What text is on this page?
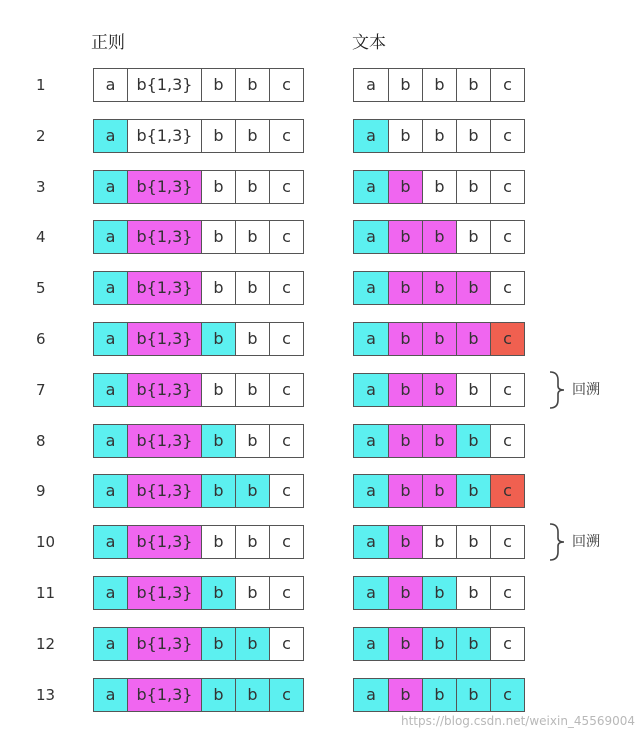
正则	文本
1	a	b{1,3}	b	b	c	a	b	b	b	c
2	a	b{1,3}	b	b	c	a	b	b	b	c
3	a	b{1,3}	b	b	c	a	b	b	b	c
4	a	b{1,3}	b	b	c	a	b	b	b	c
5	a	b{1,3}	b	b	c	a	b	b	b	c
6	a	b{1,3}	b	b	c	a	b	b	b	c
7	a	b{1,3}	b	b	c	a	b	b	b	c	回溯
8	a	b{1,3}	b	b	c	a	b	b	b	c
9	a	b{1,3}	b	b	c	a	b	b	b	c
10	a	b{1,3}	b	b	c	a	b	b	b	c	回溯
11	a	b{1,3}	b	b	c	a	b	b	b	c
12	a	b{1,3}	b	b	c	a	b	b	b	c
13	a	b{1,3}	b	b	c	a	b	b	b	c
https://blog.csdn.net/weixin_45569004
